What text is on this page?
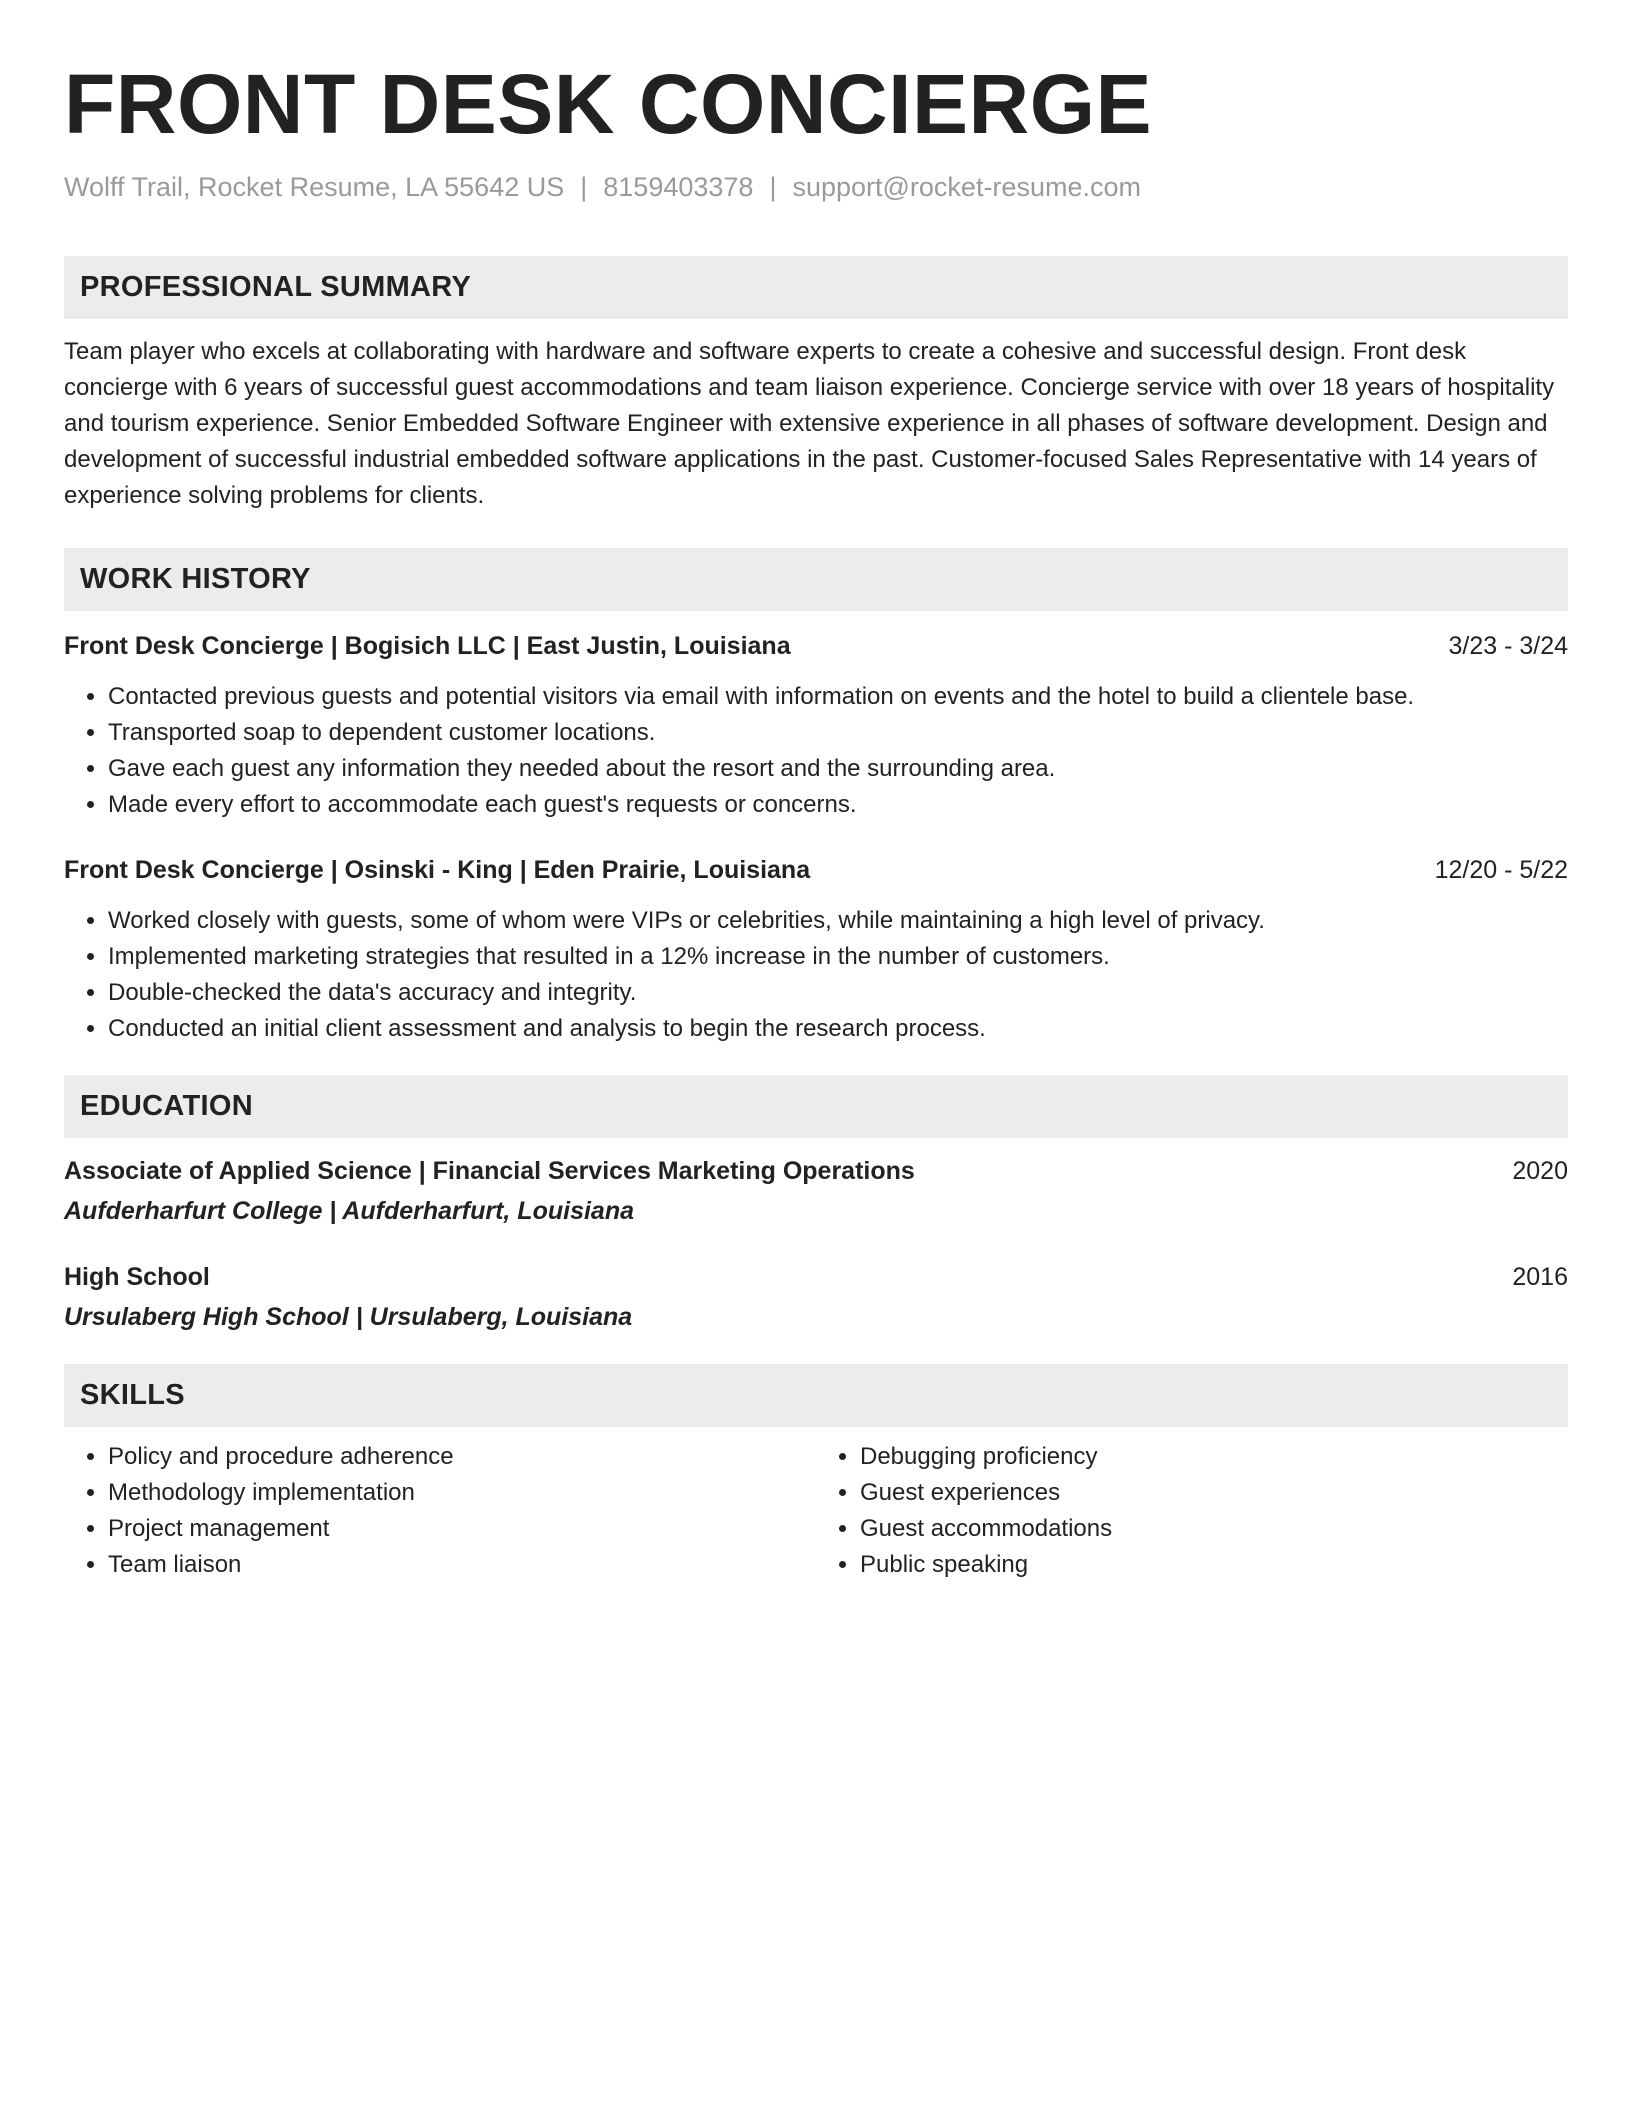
FRONT DESK CONCIERGE
Wolff Trail, Rocket Resume, LA 55642 US | 8159403378 | support@rocket-resume.com
PROFESSIONAL SUMMARY
Team player who excels at collaborating with hardware and software experts to create a cohesive and successful design. Front desk concierge with 6 years of successful guest accommodations and team liaison experience. Concierge service with over 18 years of hospitality and tourism experience. Senior Embedded Software Engineer with extensive experience in all phases of software development. Design and development of successful industrial embedded software applications in the past. Customer-focused Sales Representative with 14 years of experience solving problems for clients.
WORK HISTORY
Front Desk Concierge | Bogisich LLC | East Justin, Louisiana	3/23 - 3/24
• Contacted previous guests and potential visitors via email with information on events and the hotel to build a clientele base.
• Transported soap to dependent customer locations.
• Gave each guest any information they needed about the resort and the surrounding area.
• Made every effort to accommodate each guest's requests or concerns.
Front Desk Concierge | Osinski - King | Eden Prairie, Louisiana	12/20 - 5/22
• Worked closely with guests, some of whom were VIPs or celebrities, while maintaining a high level of privacy.
• Implemented marketing strategies that resulted in a 12% increase in the number of customers.
• Double-checked the data's accuracy and integrity.
• Conducted an initial client assessment and analysis to begin the research process.
EDUCATION
Associate of Applied Science | Financial Services Marketing Operations	2020
Aufderharfurt College | Aufderharfurt, Louisiana
High School	2016
Ursulaberg High School | Ursulaberg, Louisiana
SKILLS
• Policy and procedure adherence
• Methodology implementation
• Project management
• Team liaison
• Debugging proficiency
• Guest experiences
• Guest accommodations
• Public speaking
